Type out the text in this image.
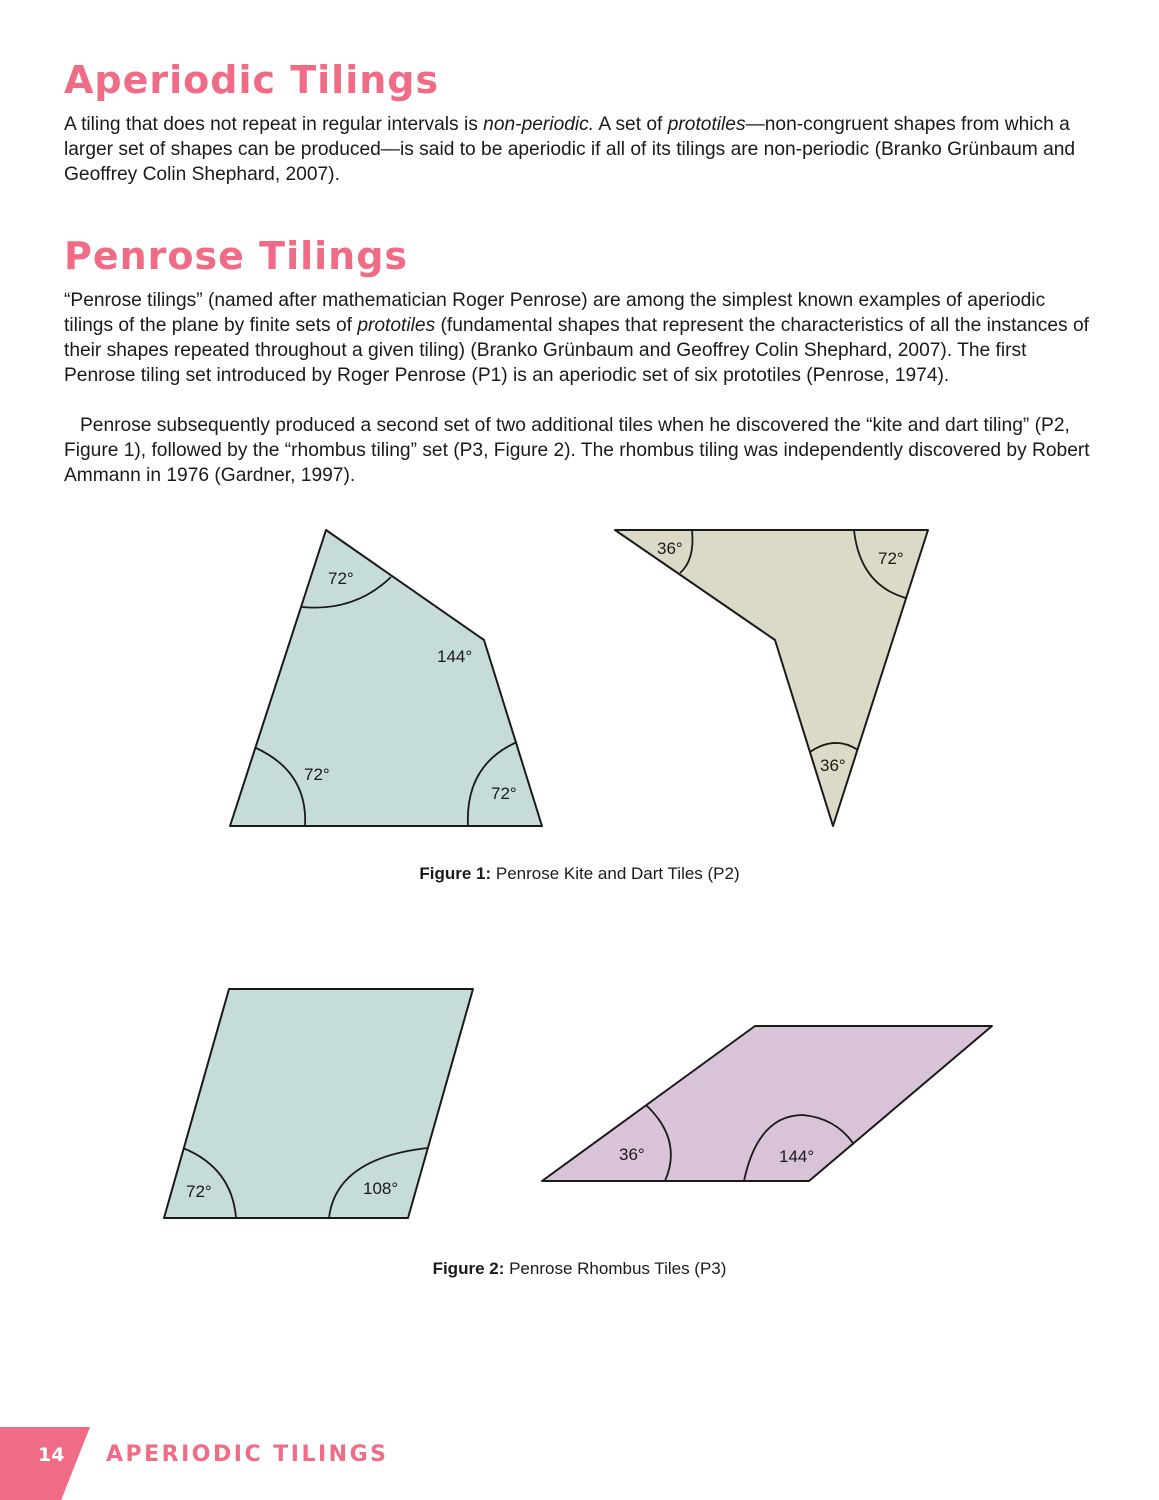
Aperiodic Tilings

A tiling that does not repeat in regular intervals is non-periodic. A set of prototiles—non-congruent shapes from which a larger set of shapes can be produced—is said to be aperiodic if all of its tilings are non-periodic (Branko Grünbaum and Geoffrey Colin Shephard, 2007).

Penrose Tilings

“Penrose tilings” (named after mathematician Roger Penrose) are among the simplest known examples of aperiodic tilings of the plane by finite sets of prototiles (fundamental shapes that represent the characteristics of all the instances of their shapes repeated throughout a given tiling) (Branko Grünbaum and Geoffrey Colin Shephard, 2007). The first Penrose tiling set introduced by Roger Penrose (P1) is an aperiodic set of six prototiles (Penrose, 1974).

Penrose subsequently produced a second set of two additional tiles when he discovered the “kite and dart tiling” (P2, Figure 1), followed by the “rhombus tiling” set (P3, Figure 2). The rhombus tiling was independently discovered by Robert Ammann in 1976 (Gardner, 1997).

72°
144°
72°
72°
36°
72°
36°

Figure 1: Penrose Kite and Dart Tiles (P2)

72°	108°
36°	144°

Figure 2: Penrose Rhombus Tiles (P3)

14 APERIODIC TILINGS
